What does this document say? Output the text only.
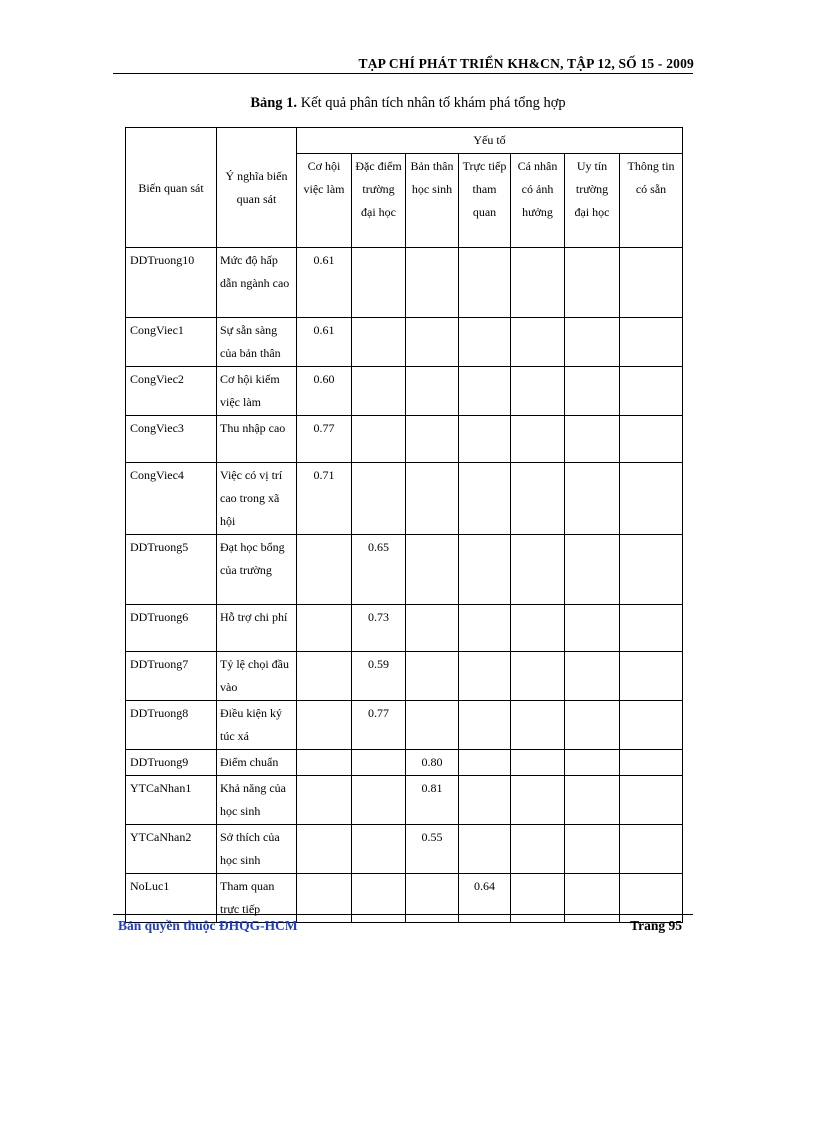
TẠP CHÍ PHÁT TRIỂN KH&CN, TẬP 12, SỐ 15 - 2009
Bảng 1. Kết quả phân tích nhân tố khám phá tổng hợp
Biến quan sát	Ý nghĩa biến quan sát	Yếu tố						
		Cơ hội việc làm	Đặc điểm trường đại học	Bản thân học sinh	Trực tiếp tham quan	Cá nhân có ảnh hưởng	Uy tín trường đại học	Thông tin có sẵn
DDTruong10	Mức độ hấp dẫn ngành cao	0.61						
CongViec1	Sự sẵn sàng của bản thân	0.61						
CongViec2	Cơ hội kiếm việc làm	0.60						
CongViec3	Thu nhập cao	0.77						
CongViec4	Việc có vị trí cao trong xã hội	0.71						
DDTruong5	Đạt học bổng của trường		0.65					
DDTruong6	Hỗ trợ chi phí		0.73					
DDTruong7	Tỷ lệ chọi đầu vào		0.59					
DDTruong8	Điều kiện ký túc xá		0.77					
DDTruong9	Điểm chuẩn			0.80				
YTCaNhan1	Khả năng của học sinh			0.81				
YTCaNhan2	Sở thích của học sinh			0.55				
NoLuc1	Tham quan trực tiếp				0.64			
Bản quyền thuộc ĐHQG-HCM	Trang 95
